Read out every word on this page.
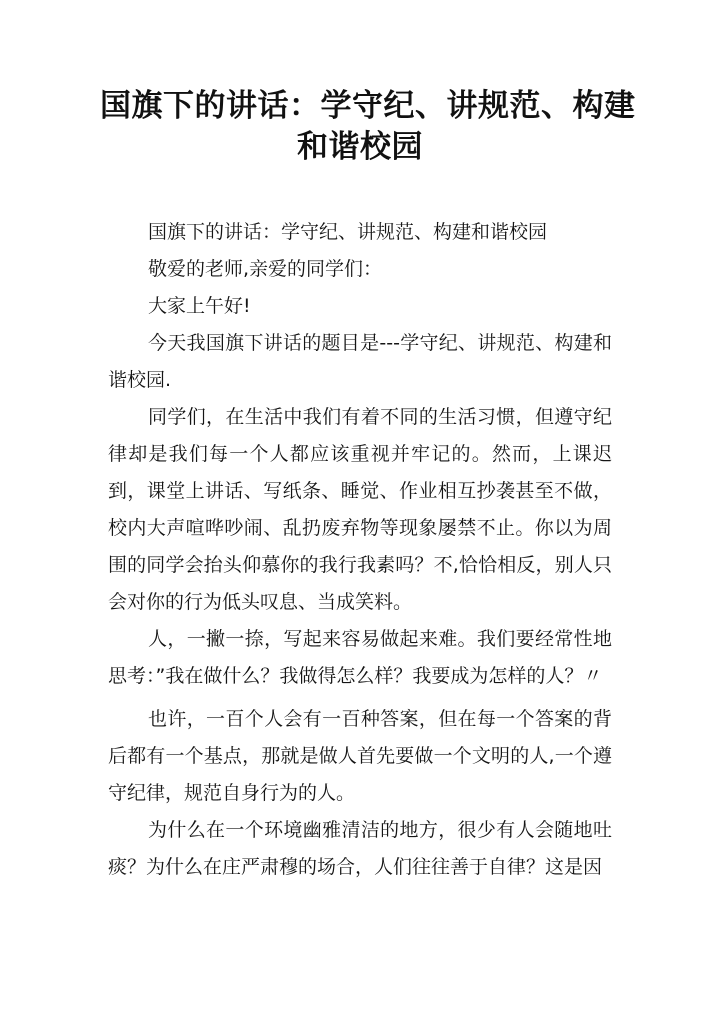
国旗下的讲话：学守纪、讲规范、构建
和谐校园

国旗下的讲话：学守纪、讲规范、构建和谐校园

敬爱的老师,亲爱的同学们：

大家上午好!

今天我国旗下讲话的题目是---学守纪、讲规范、构建和谐校园.

同学们，在生活中我们有着不同的生活习惯，但遵守纪律却是我们每一个人都应该重视并牢记的。然而，上课迟到，课堂上讲话、写纸条、睡觉、作业相互抄袭甚至不做，校内大声喧哗吵闹、乱扔废弃物等现象屡禁不止。你以为周围的同学会抬头仰慕你的我行我素吗？不,恰恰相反，别人只会对你的行为低头叹息、当成笑料。

人，一撇一捺，写起来容易做起来难。我们要经常性地思考：”我在做什么？我做得怎么样？我要成为怎样的人？〃

也许，一百个人会有一百种答案，但在每一个答案的背后都有一个基点，那就是做人首先要做一个文明的人,一个遵守纪律，规范自身行为的人。

为什么在一个环境幽雅清洁的地方，很少有人会随地吐痰？为什么在庄严肃穆的场合，人们往往善于自律？这是因
